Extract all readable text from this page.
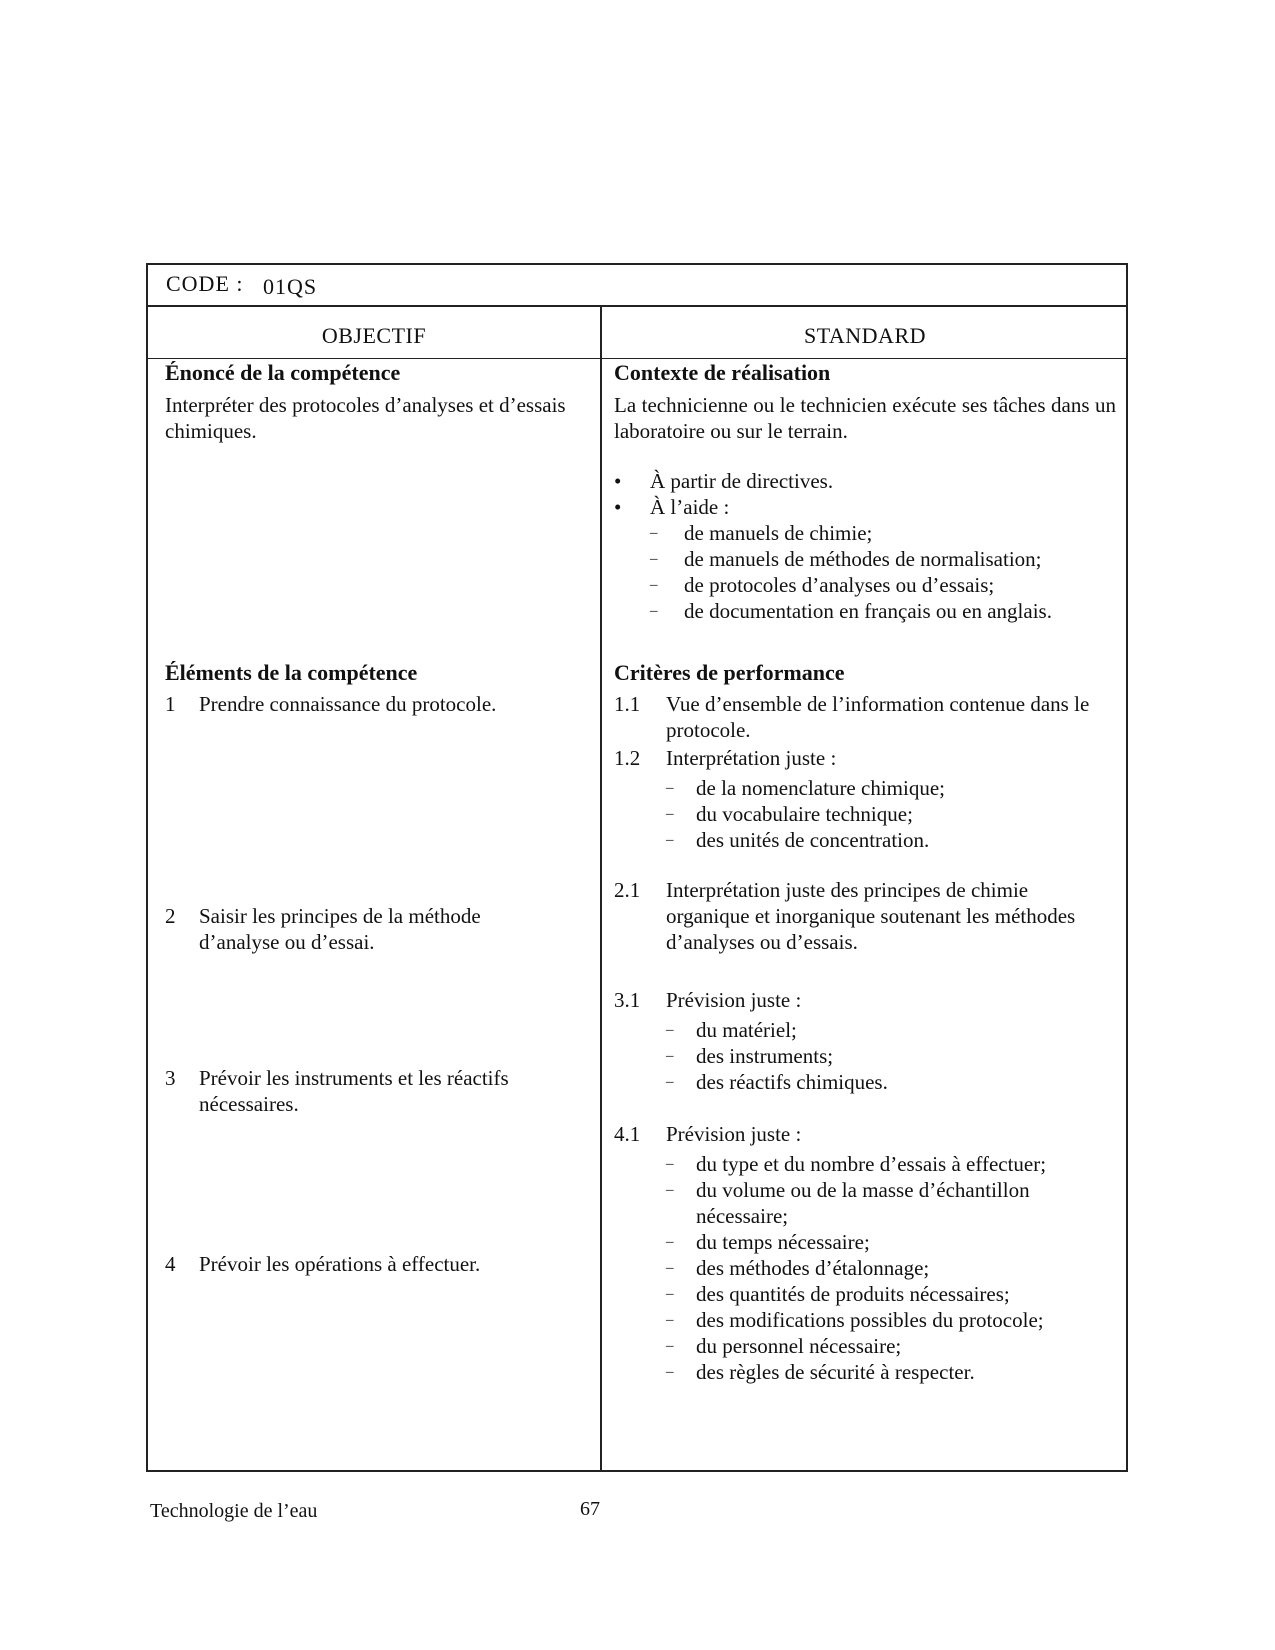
CODE : 01QS
OBJECTIF	STANDARD
Énoncé de la compétence
Interpréter des protocoles d’analyses et d’essais chimiques.
Contexte de réalisation
La technicienne ou le technicien exécute ses tâches dans un laboratoire ou sur le terrain.
• À partir de directives.
• À l’aide :
– de manuels de chimie;
– de manuels de méthodes de normalisation;
– de protocoles d’analyses ou d’essais;
– de documentation en français ou en anglais.
Éléments de la compétence
1 Prendre connaissance du protocole.
2 Saisir les principes de la méthode d’analyse ou d’essai.
3 Prévoir les instruments et les réactifs nécessaires.
4 Prévoir les opérations à effectuer.
Critères de performance
1.1 Vue d’ensemble de l’information contenue dans le protocole.
1.2 Interprétation juste :
– de la nomenclature chimique;
– du vocabulaire technique;
– des unités de concentration.
2.1 Interprétation juste des principes de chimie organique et inorganique soutenant les méthodes d’analyses ou d’essais.
3.1 Prévision juste :
– du matériel;
– des instruments;
– des réactifs chimiques.
4.1 Prévision juste :
– du type et du nombre d’essais à effectuer;
– du volume ou de la masse d’échantillon nécessaire;
– du temps nécessaire;
– des méthodes d’étalonnage;
– des quantités de produits nécessaires;
– des modifications possibles du protocole;
– du personnel nécessaire;
– des règles de sécurité à respecter.
Technologie de l’eau	67
